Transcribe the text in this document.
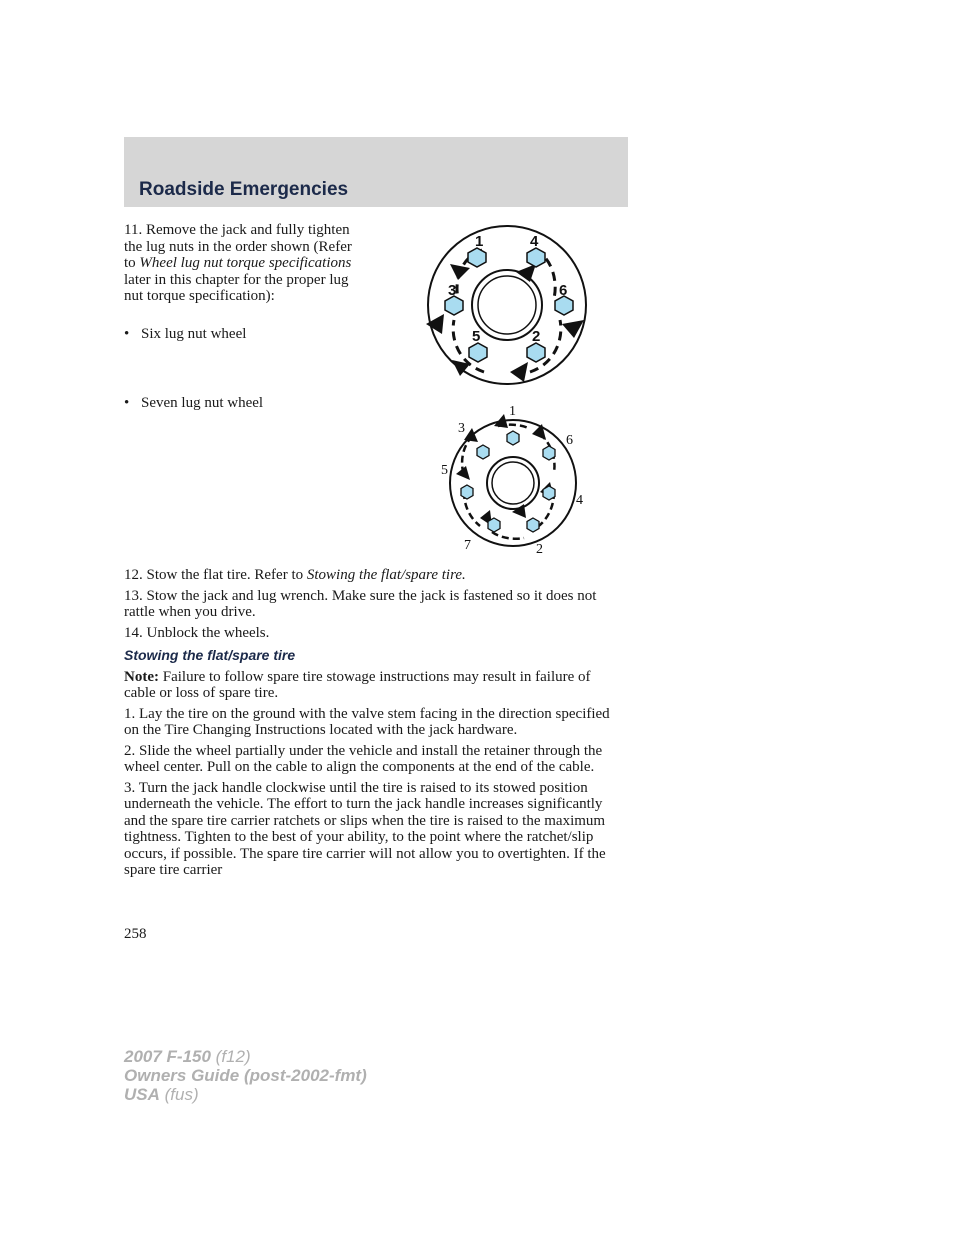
Roadside Emergencies
11. Remove the jack and fully tighten the lug nuts in the order shown (Refer to Wheel lug nut torque specifications later in this chapter for the proper lug nut torque specification):
• Six lug nut wheel
• Seven lug nut wheel
1	4
3	6
5	2
1
3
6
5
4
7	2

12. Stow the flat tire. Refer to Stowing the flat/spare tire.

13. Stow the jack and lug wrench. Make sure the jack is fastened so it does not rattle when you drive.

14. Unblock the wheels.

Stowing the flat/spare tire

Note: Failure to follow spare tire stowage instructions may result in failure of cable or loss of spare tire.

1. Lay the tire on the ground with the valve stem facing in the direction specified on the Tire Changing Instructions located with the jack hardware.

2. Slide the wheel partially under the vehicle and install the retainer through the wheel center. Pull on the cable to align the components at the end of the cable.

3. Turn the jack handle clockwise until the tire is raised to its stowed position underneath the vehicle. The effort to turn the jack handle increases significantly and the spare tire carrier ratchets or slips when the tire is raised to the maximum tightness. Tighten to the best of your ability, to the point where the ratchet/slip occurs, if possible. The spare tire carrier will not allow you to overtighten. If the spare tire carrier

258
2007 F-150 (f12)
Owners Guide (post-2002-fmt)
USA (fus)
